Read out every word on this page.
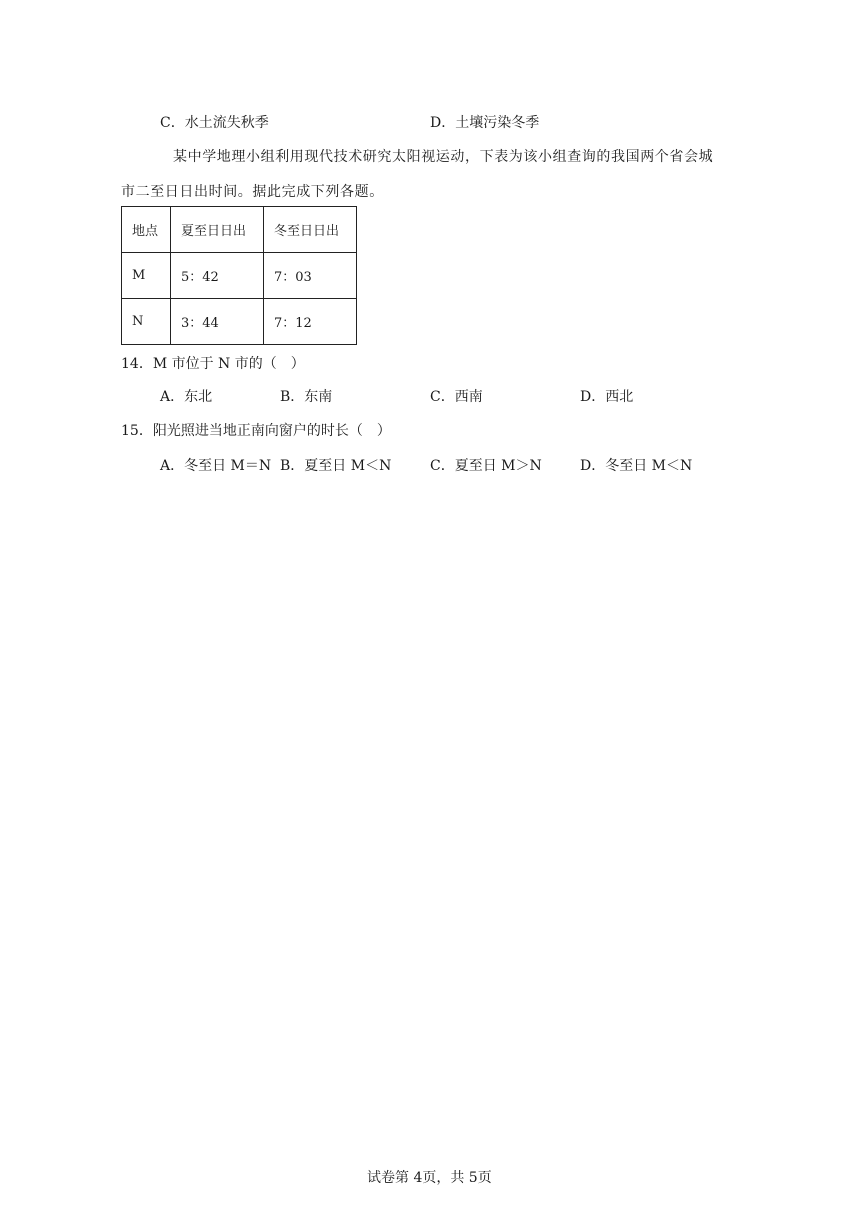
C．水土流失秋季	D．土壤污染冬季
某中学地理小组利用现代技术研究太阳视运动，下表为该小组查询的我国两个省会城
市二至日日出时间。据此完成下列各题。
地点	夏至日日出	冬至日日出
M	5：42	7：03
N	3：44	7：12
14．M 市位于 N 市的（　）
A．东北	B．东南	C．西南	D．西北
15．阳光照进当地正南向窗户的时长（　）
A．冬至日 M＝N B．夏至日 M＜N	C．夏至日 M＞N	D．冬至日 M＜N
试卷第 4页，共 5页
